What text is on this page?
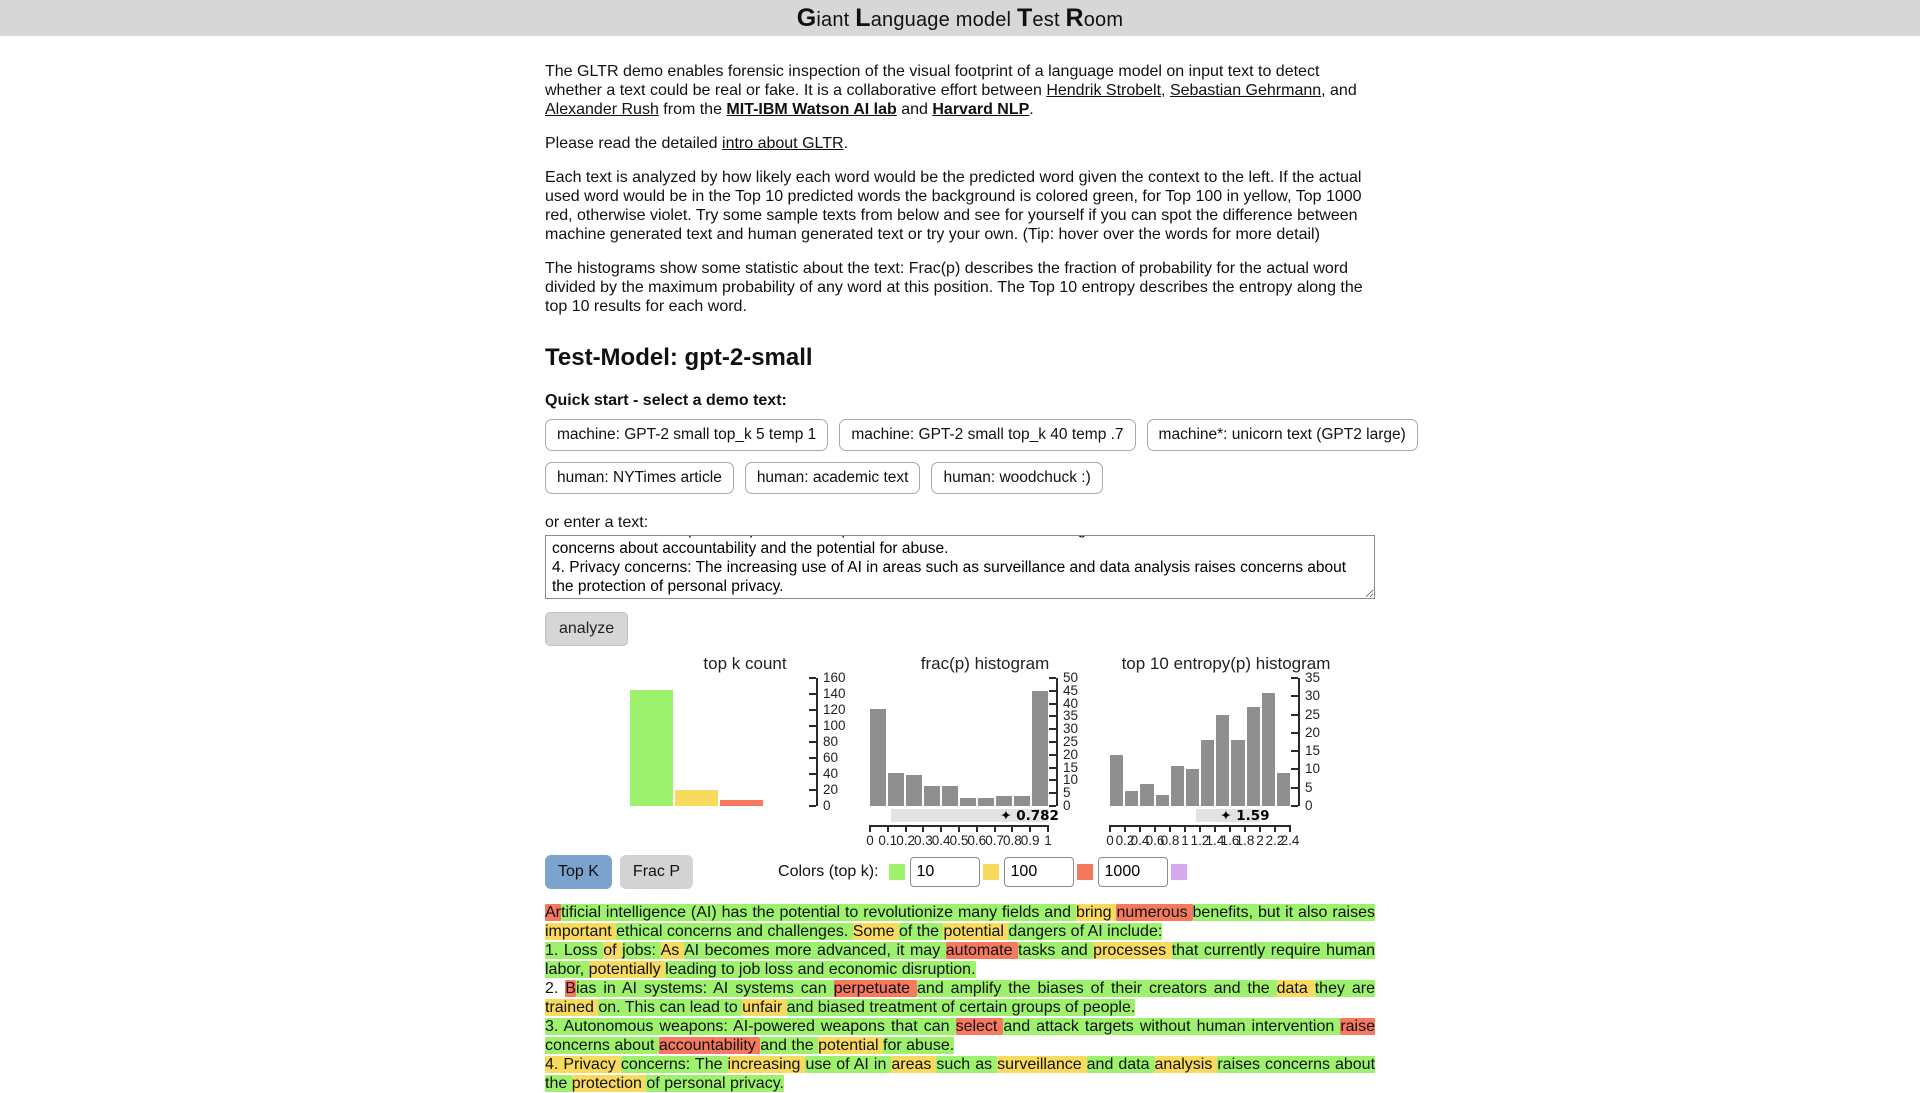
Giant Language model Test Room

The GLTR demo enables forensic inspection of the visual footprint of a language model on input text to detect whether a text could be real or fake. It is a collaborative effort between Hendrik Strobelt, Sebastian Gehrmann, and Alexander Rush from the MIT-IBM Watson AI lab and Harvard NLP.

Please read the detailed intro about GLTR.

Each text is analyzed by how likely each word would be the predicted word given the context to the left. If the actual used word would be in the Top 10 predicted words the background is colored green, for Top 100 in yellow, Top 1000 red, otherwise violet. Try some sample texts from below and see for yourself if you can spot the difference between machine generated text and human generated text or try your own. (Tip: hover over the words for more detail)

The histograms show some statistic about the text: Frac(p) describes the fraction of probability for the actual word divided by the maximum probability of any word at this position. The Top 10 entropy describes the entropy along the top 10 results for each word.

Test-Model: gpt-2-small
Quick start - select a demo text:
machine: GPT-2 small top_k 5 temp 1	machine: GPT-2 small top_k 40 temp .7	machine*: unicorn text (GPT2 large)
human: NYTimes article	human: academic text	human: woodchuck :)
or enter a text:
Artificial intelligence (AI) has the potential to revolutionize many fields and bring numerous benefits, but it also raises important ethical concerns and challenges. Some of the potential dangers of AI include: 1. Loss of jobs: As AI becomes more advanced, it may automate tasks and processes that currently require human labor, potentially leading to job loss and economic disruption. 2. Bias in AI systems: AI systems can perpetuate and amplify the biases of their creators and the data they are trained on. This can lead to unfair and biased treatment of certain groups of people. 3. Autonomous weapons: AI-powered weapons that can select and attack targets without human intervention raise concerns about accountability and the potential for abuse. 4. Privacy concerns: The increasing use of AI in areas such as surveillance and data analysis raises concerns about the protection of personal privacy.
analyze
top k count
0
20
40
60
80
100
120
140
160
frac(p) histogram
0
5
10
15
20
25
30
35
40
45
50
✦ 0.782
0 0.1 0.2 0.3 0.4 0.5 0.6 0.7 0.8 0.9 1
top 10 entropy(p) histogram
0
5
10
15
20
25
30
35
✦ 1.59
0 0.2
0.4
0.6
0.8 1 1.2
1.4
1.6
1.8 2 2.2
2.4
Top K	Frac P	Colors (top k):
10
100
1000
Artificial intelligence (AI) has the potential to revolutionize many fields and bring numerous benefits, but it also raises important ethical concerns and challenges. Some of the potential dangers of AI include:
1. Loss of jobs: As AI becomes more advanced, it may automate tasks and processes that currently require human labor, potentially leading to job loss and economic disruption.
2. Bias in AI systems: AI systems can perpetuate and amplify the biases of their creators and the data they are trained on. This can lead to unfair and biased treatment of certain groups of people.
3. Autonomous weapons: AI-powered weapons that can select and attack targets without human intervention raise concerns about accountability and the potential for abuse.
4. Privacy concerns: The increasing use of AI in areas such as surveillance and data analysis raises concerns about the protection of personal privacy.
